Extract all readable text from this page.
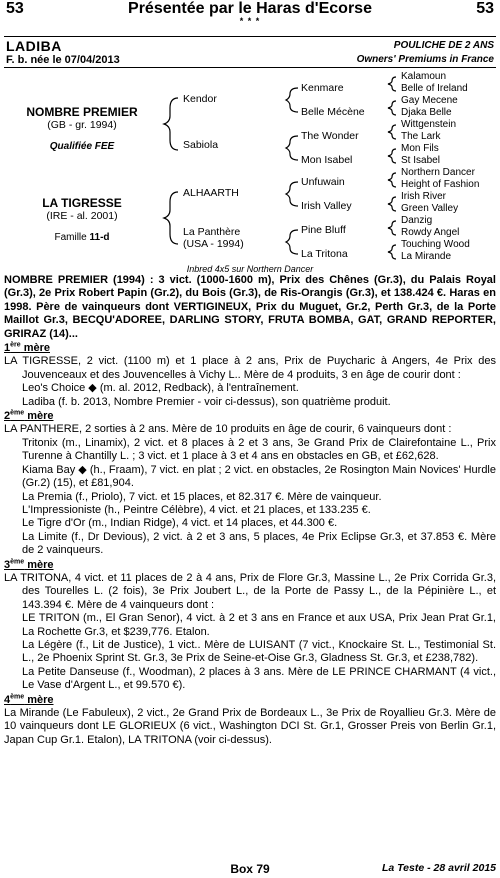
53	Présentée par le Haras d'Ecorse	53
* * *
LADIBA
F. b. née le 07/04/2013
POULICHE DE 2 ANS
Owners' Premiums in France
NOMBRE PREMIER
(GB - gr. 1994)
Qualifiée FEE
LA TIGRESSE
(IRE - al. 2001)
Famille 11-d
Kendor
Sabiola
ALHAARTH
La Panthère
(USA - 1994)
Kenmare
Belle Mécène
The Wonder
Mon Isabel
Unfuwain
Irish Valley
Pine Bluff
La Tritona
Kalamoun
Belle of Ireland
Gay Mecene
Djaka Belle
Wittgenstein
The Lark
Mon Fils
St Isabel
Northern Dancer
Height of Fashion
Irish River
Green Valley
Danzig
Rowdy Angel
Touching Wood
La Mirande
Inbred 4x5 sur Northern Dancer

NOMBRE PREMIER (1994) : 3 vict. (1000-1600 m), Prix des Chênes (Gr.3), du Palais Royal (Gr.3), 2e Prix Robert Papin (Gr.2), du Bois (Gr.3), de Ris-Orangis (Gr.3), et 138.424 €. Haras en 1998. Père de vainqueurs dont VERTIGINEUX, Prix du Muguet, Gr.2, Perth Gr.3, de la Porte Maillot Gr.3, BECQU'ADOREE, DARLING STORY, FRUTA BOMBA, GAT, GRAND REPORTER, GRIRAZ (14)...

1ère mère

LA TIGRESSE, 2 vict. (1100 m) et 1 place à 2 ans, Prix de Puycharic à Angers, 4e Prix des Jouvenceaux et des Jouvencelles à Vichy L.. Mère de 4 produits, 3 en âge de courir dont :

Leo's Choice ◆ (m. al. 2012, Redback), à l'entraînement.

Ladiba (f. b. 2013, Nombre Premier - voir ci-dessus), son quatrième produit.

2ème mère

LA PANTHERE, 2 sorties à 2 ans. Mère de 10 produits en âge de courir, 6 vainqueurs dont :

Tritonix (m., Linamix), 2 vict. et 8 places à 2 et 3 ans, 3e Grand Prix de Clairefontaine L., Prix Turenne à Chantilly L. ; 3 vict. et 1 place à 3 et 4 ans en obstacles en GB, et £62,628.

Kiama Bay ◆ (h., Fraam), 7 vict. en plat ; 2 vict. en obstacles, 2e Rosington Main Novices' Hurdle (Gr.2) (15), et £81,904.

La Premia (f., Priolo), 7 vict. et 15 places, et 82.317 €. Mère de vainqueur.

L'Impressioniste (h., Peintre Célèbre), 4 vict. et 21 places, et 133.235 €.

Le Tigre d'Or (m., Indian Ridge), 4 vict. et 14 places, et 44.300 €.

La Limite (f., Dr Devious), 2 vict. à 2 et 3 ans, 5 places, 4e Prix Eclipse Gr.3, et 37.853 €. Mère de 2 vainqueurs.

3ème mère

LA TRITONA, 4 vict. et 11 places de 2 à 4 ans, Prix de Flore Gr.3, Massine L., 2e Prix Corrida Gr.3, des Tourelles L. (2 fois), 3e Prix Joubert L., de la Porte de Passy L., de la Pépinière L., et 143.394 €. Mère de 4 vainqueurs dont :

LE TRITON (m., El Gran Senor), 4 vict. à 2 et 3 ans en France et aux USA, Prix Jean Prat Gr.1, La Rochette Gr.3, et $239,776. Etalon.

La Légère (f., Lit de Justice), 1 vict.. Mère de LUISANT (7 vict., Knockaire St. L., Testimonial St. L., 2e Phoenix Sprint St. Gr.3, 3e Prix de Seine-et-Oise Gr.3, Gladness St. Gr.3, et £238,782).

La Petite Danseuse (f., Woodman), 2 places à 3 ans. Mère de LE PRINCE CHARMANT (4 vict., Le Vase d'Argent L., et 99.570 €).

4ème mère

La Mirande (Le Fabuleux), 2 vict., 2e Grand Prix de Bordeaux L., 3e Prix de Royallieu Gr.3. Mère de 10 vainqueurs dont LE GLORIEUX (6 vict., Washington DCI St. Gr.1, Grosser Preis von Berlin Gr.1, Japan Cup Gr.1. Etalon), LA TRITONA (voir ci-dessus).

Box 79	La Teste - 28 avril 2015
